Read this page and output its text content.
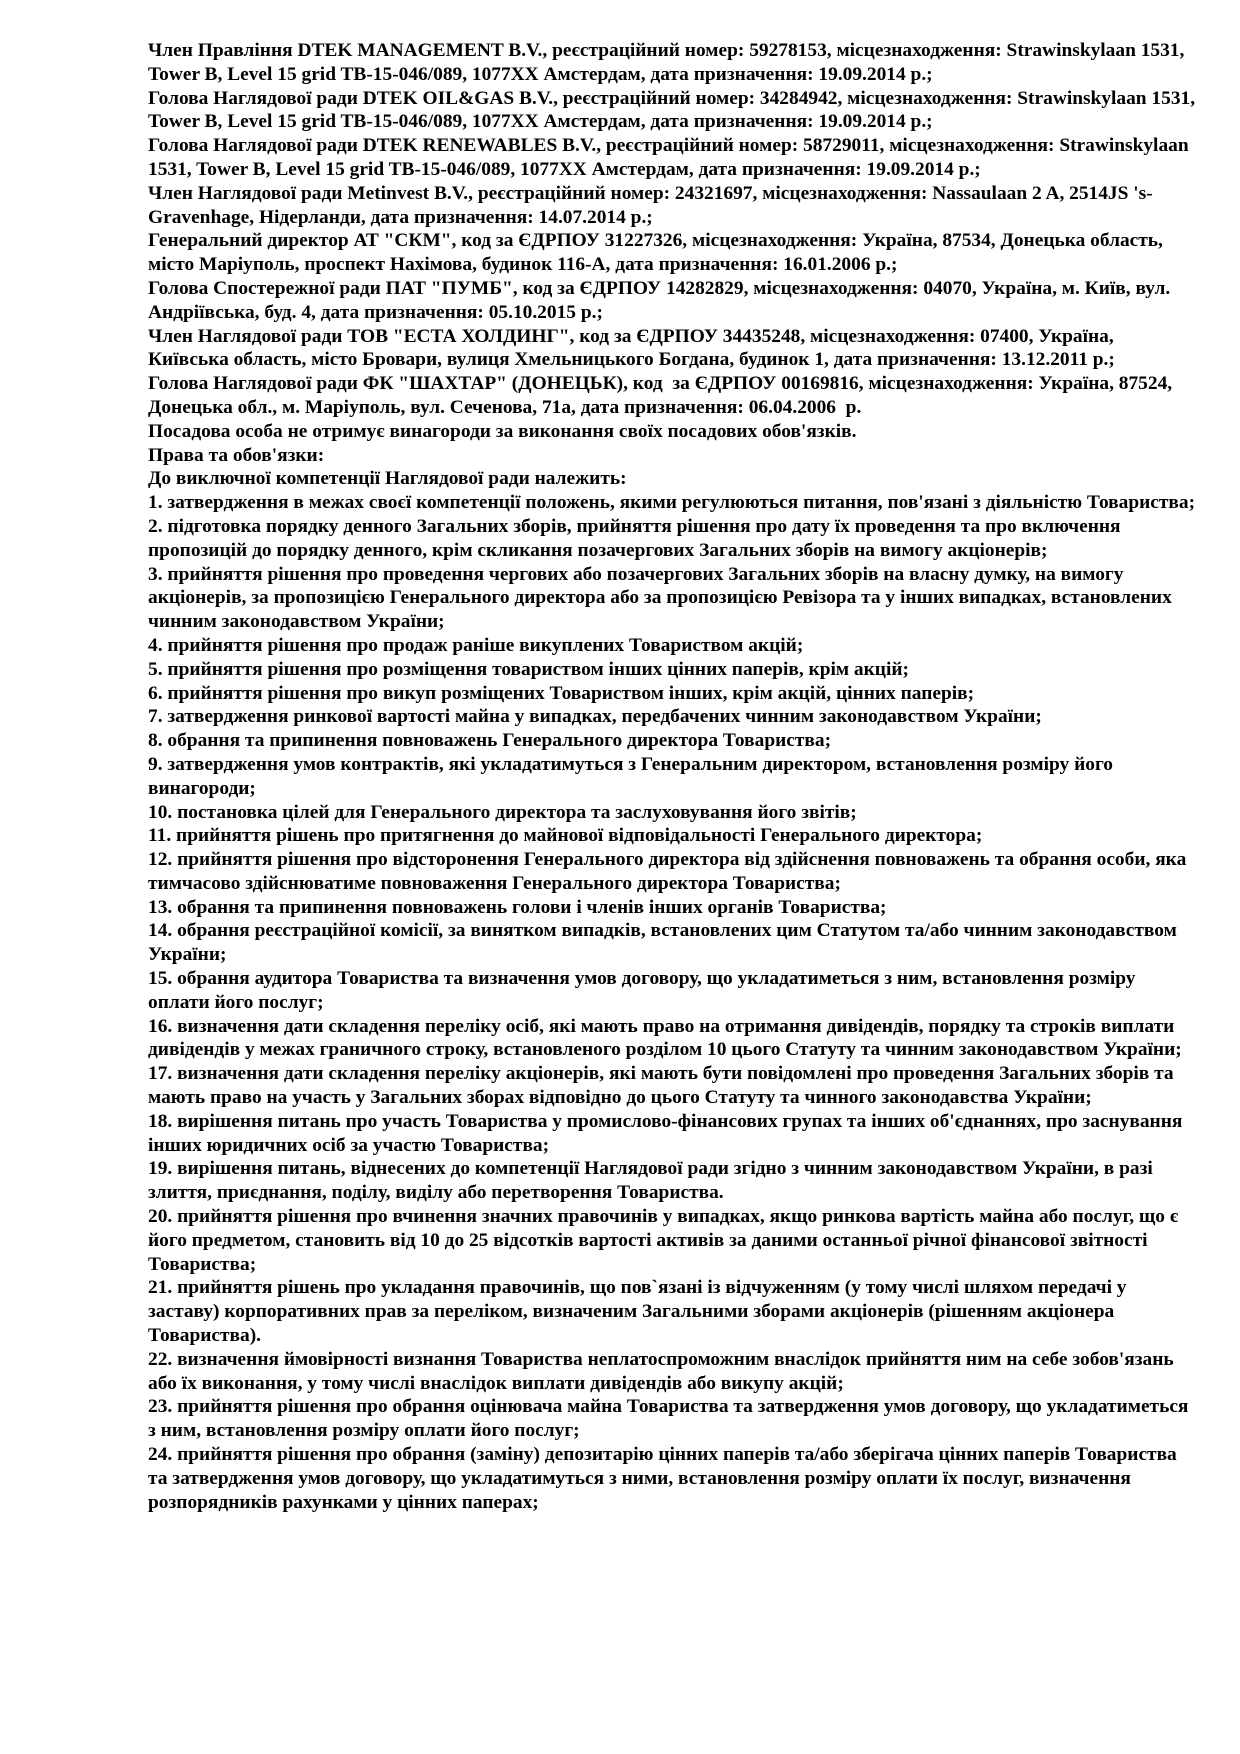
Член Правління DTEK MANAGEMENT B.V., реєстраційний номер: 59278153, місцезнаходження: Strawinskylaan 1531, Tower B, Level 15 grid TB-15-046/089, 1077XX Амстердам, дата призначення: 19.09.2014 р.;
Голова Наглядової ради DTEK OIL&GAS B.V., реєстраційний номер: 34284942, місцезнаходження: Strawinskylaan 1531, Tower B, Level 15 grid TB-15-046/089, 1077XX Амстердам, дата призначення: 19.09.2014 р.;
Голова Наглядової ради DTEK RENEWABLES B.V., реєстраційний номер: 58729011, місцезнаходження: Strawinskylaan 1531, Tower B, Level 15 grid TB-15-046/089, 1077XX Амстердам, дата призначення: 19.09.2014 р.;
Член Наглядової ради Metinvest B.V., реєстраційний номер: 24321697, місцезнаходження: Nassaulaan 2 A, 2514JS 's-Gravenhage, Нідерланди, дата призначення: 14.07.2014 р.;
Генеральний директор АТ "СКМ", код за ЄДРПОУ 31227326, місцезнаходження: Україна, 87534, Донецька область, місто Маріуполь, проспект Нахімова, будинок 116-А, дата призначення: 16.01.2006 р.;
Голова Спостережної ради ПАТ "ПУМБ", код за ЄДРПОУ 14282829, місцезнаходження: 04070, Україна, м. Київ, вул. Андріївська, буд. 4, дата призначення: 05.10.2015 р.;
Член Наглядової ради ТОВ "ЕСТА ХОЛДИНГ", код за ЄДРПОУ 34435248, місцезнаходження: 07400, Україна, Київська область, місто Бровари, вулиця Хмельницького Богдана, будинок 1, дата призначення: 13.12.2011 р.;
Голова Наглядової ради ФК "ШАХТАР" (ДОНЕЦЬК), код  за ЄДРПОУ 00169816, місцезнаходження: Україна, 87524, Донецька обл., м. Маріуполь, вул. Сеченова, 71а, дата призначення: 06.04.2006  р.
Посадова особа не отримує винагороди за виконання своїх посадових обов'язків.
Права та обов'язки:
До виключної компетенції Наглядової ради належить:
1. затвердження в межах своєї компетенції положень, якими регулюються питання, пов'язані з діяльністю Товариства;
2. підготовка порядку денного Загальних зборів, прийняття рішення про дату їх проведення та про включення пропозицій до порядку денного, крім скликання позачергових Загальних зборів на вимогу акціонерів;
3. прийняття рішення про проведення чергових або позачергових Загальних зборів на власну думку, на вимогу акціонерів, за пропозицією Генерального директора або за пропозицією Ревізора та у інших випадках, встановлених чинним законодавством України;
4. прийняття рішення про продаж раніше викуплених Товариством акцій;
5. прийняття рішення про розміщення товариством інших цінних паперів, крім акцій;
6. прийняття рішення про викуп розміщених Товариством інших, крім акцій, цінних паперів;
7. затвердження ринкової вартості майна у випадках, передбачених чинним законодавством України;
8. обрання та припинення повноважень Генерального директора Товариства;
9. затвердження умов контрактів, які укладатимуться з Генеральним директором, встановлення розміру його винагороди;
10. постановка цілей для Генерального директора та заслуховування його звітів;
11. прийняття рішень про притягнення до майнової відповідальності Генерального директора;
12. прийняття рішення про відсторонення Генерального директора від здійснення повноважень та обрання особи, яка тимчасово здійснюватиме повноваження Генерального директора Товариства;
13. обрання та припинення повноважень голови і членів інших органів Товариства;
14. обрання реєстраційної комісії, за винятком випадків, встановлених цим Статутом та/або чинним законодавством України;
15. обрання аудитора Товариства та визначення умов договору, що укладатиметься з ним, встановлення розміру оплати його послуг;
16. визначення дати складення переліку осіб, які мають право на отримання дивідендів, порядку та строків виплати дивідендів у межах граничного строку, встановленого розділом 10 цього Статуту та чинним законодавством України;
17. визначення дати складення переліку акціонерів, які мають бути повідомлені про проведення Загальних зборів та мають право на участь у Загальних зборах відповідно до цього Статуту та чинного законодавства України;
18. вирішення питань про участь Товариства у промислово-фінансових групах та інших об'єднаннях, про заснування інших юридичних осіб за участю Товариства;
19. вирішення питань, віднесених до компетенції Наглядової ради згідно з чинним законодавством України, в разі злиття, приєднання, поділу, виділу або перетворення Товариства.
20. прийняття рішення про вчинення значних правочинів у випадках, якщо ринкова вартість майна або послуг, що є його предметом, становить від 10 до 25 відсотків вартості активів за даними останньої річної фінансової звітності Товариства;
21. прийняття рішень про укладання правочинів, що пов`язані із відчуженням (у тому числі шляхом передачі у заставу) корпоративних прав за переліком, визначеним Загальними зборами акціонерів (рішенням акціонера Товариства).
22. визначення ймовірності визнання Товариства неплатоспроможним внаслідок прийняття ним на себе зобов'язань або їх виконання, у тому числі внаслідок виплати дивідендів або викупу акцій;
23. прийняття рішення про обрання оцінювача майна Товариства та затвердження умов договору, що укладатиметься з ним, встановлення розміру оплати його послуг;
24. прийняття рішення про обрання (заміну) депозитарію цінних паперів та/або зберігача цінних паперів Товариства та затвердження умов договору, що укладатимуться з ними, встановлення розміру оплати їх послуг, визначення розпорядників рахунками у цінних паперах;
